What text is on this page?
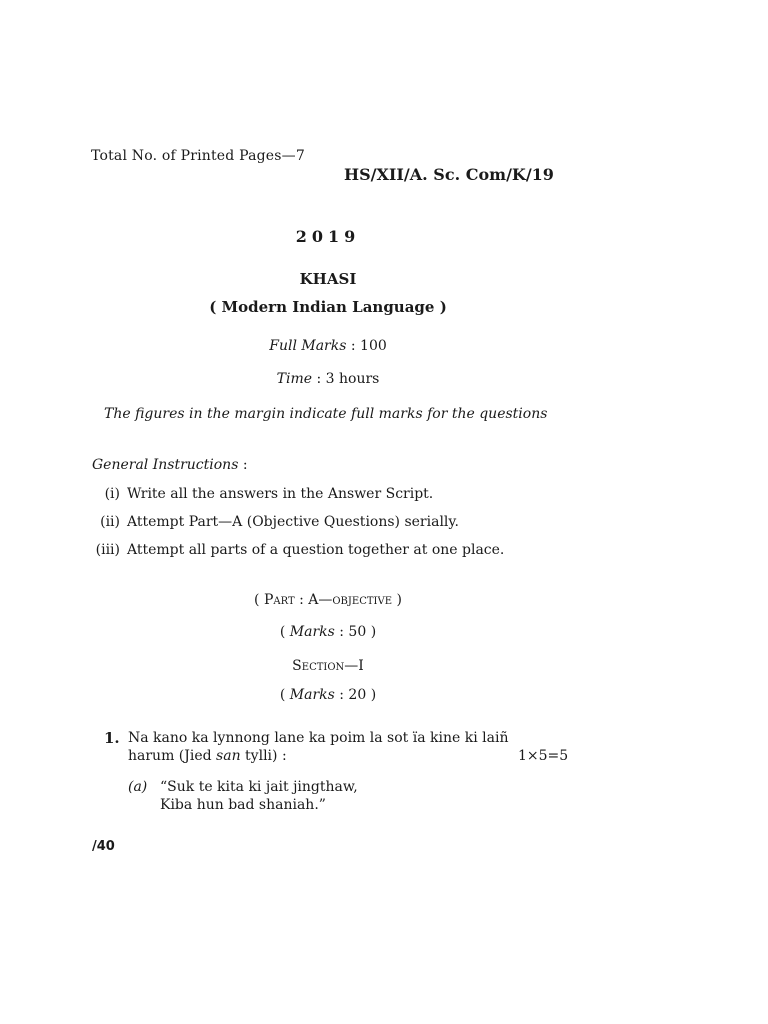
Total No. of Printed Pages—7
HS/XII/A. Sc. Com/K/19
2019
KHASI
( Modern Indian Language )
Full Marks : 100
Time : 3 hours
The figures in the margin indicate full marks for the questions
General Instructions :
(i) Write all the answers in the Answer Script.
(ii) Attempt Part—A (Objective Questions) serially.
(iii) Attempt all parts of a question together at one place.
( Part : A—objective )
( Marks : 50 )
Section—I
( Marks : 20 )
1. Na kano ka lynnong lane ka poim la sot ïa kine ki laiñ
harum (Jied san tylli) :	1×5=5
(a) “Suk te kita ki jait jingthaw,
Kiba hun bad shaniah.”
/40
